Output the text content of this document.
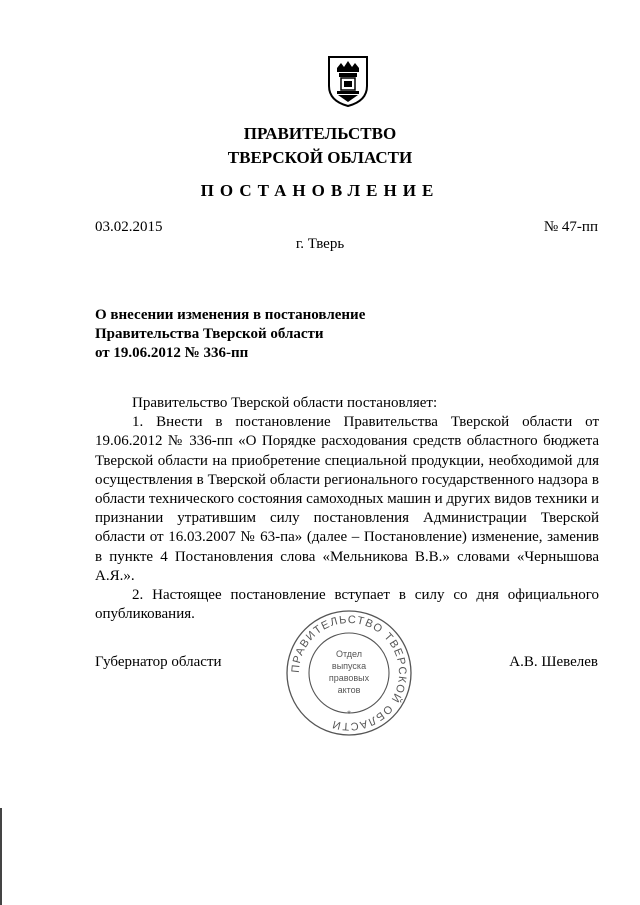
ПРАВИТЕЛЬСТВО
ТВЕРСКОЙ ОБЛАСТИ
ПОСТАНОВЛЕНИЕ
03.02.2015	№ 47-пп
г. Тверь
О внесении изменения в постановление
Правительства Тверской области
от 19.06.2012 № 336-пп

Правительство Тверской области постановляет:

1. Внести в постановление Правительства Тверской области от 19.06.2012 № 336-пп «О Порядке расходования средств областного бюджета Тверской области на приобретение специальной продукции, необходимой для осуществления в Тверской области регионального государственного надзора в области технического состояния самоходных машин и других видов техники и признании утратившим силу постановления Администрации Тверской области от 16.03.2007 № 63-па» (далее – Постановление) изменение, заменив в пункте 4 Постановления слова «Мельникова В.В.» словами «Чернышова А.Я.».

2. Настоящее постановление вступает в силу со дня официального опубликования.

Губернатор области	А.В. Шевелев
ПРАВИТЕЛЬСТВО ТВЕРСКОЙ ОБЛАСТИ
Отдел
выпуска
правовых
актов
*
